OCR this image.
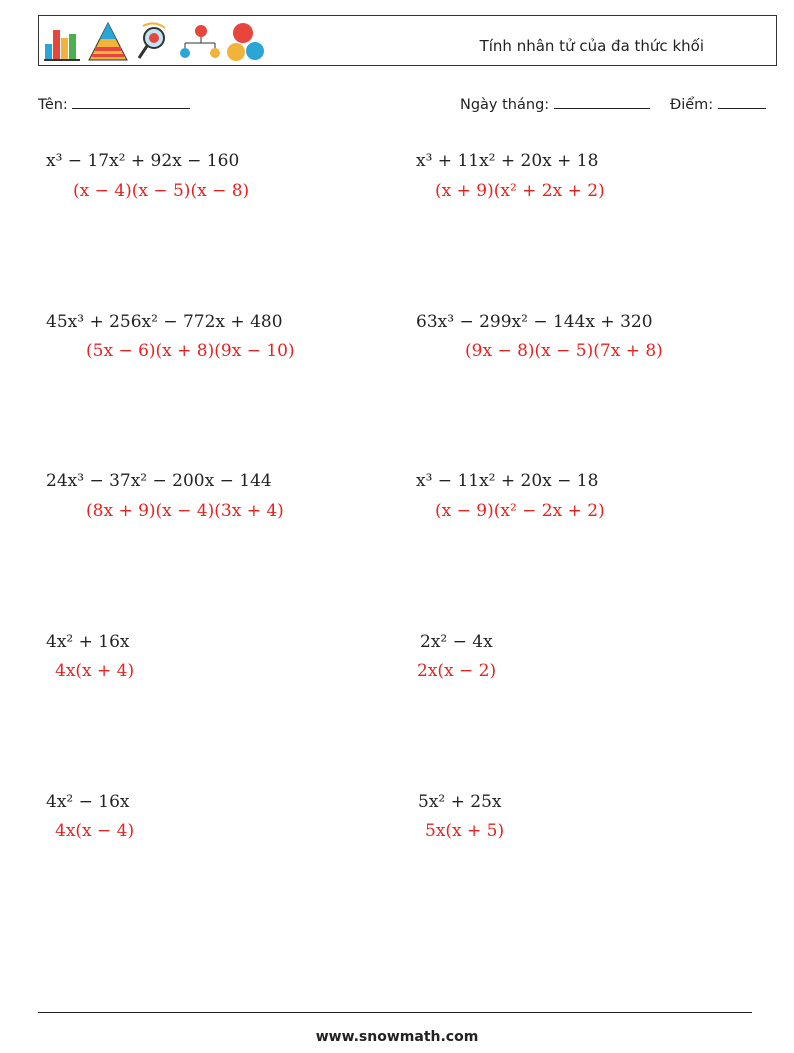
Tính nhân tử của đa thức khối
Tên:	Ngày tháng:	Điểm:
x³ − 17x² + 92x − 160
(x − 4)(x − 5)(x − 8)
x³ + 11x² + 20x + 18
(x + 9)(x² + 2x + 2)
45x³ + 256x² − 772x + 480
(5x − 6)(x + 8)(9x − 10)
63x³ − 299x² − 144x + 320
(9x − 8)(x − 5)(7x + 8)
24x³ − 37x² − 200x − 144
(8x + 9)(x − 4)(3x + 4)
x³ − 11x² + 20x − 18
(x − 9)(x² − 2x + 2)
4x² + 16x
4x(x + 4)
2x² − 4x
2x(x − 2)
4x² − 16x
4x(x − 4)
5x² + 25x
5x(x + 5)
www.snowmath.com
